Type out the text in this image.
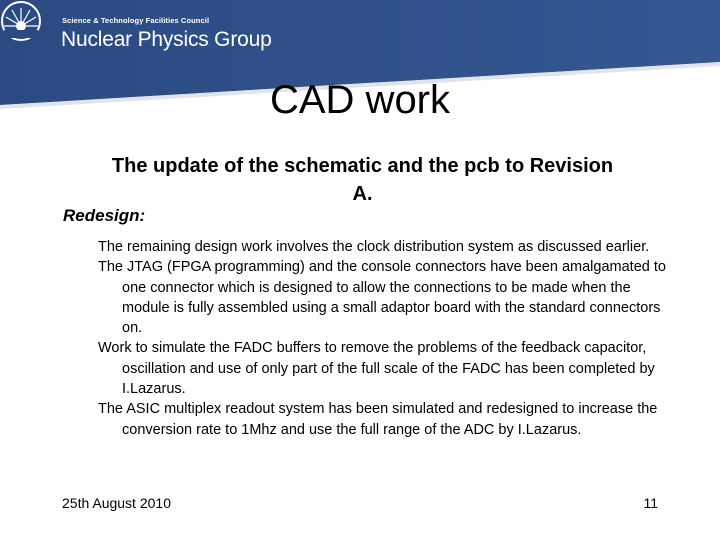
Science & Technology Facilities Council
Nuclear Physics Group
CAD work
The update of the schematic and the pcb to Revision A.
Redesign:
The remaining design work involves the clock distribution system as discussed earlier.
The JTAG (FPGA programming) and the console connectors have been amalgamated to one connector which is designed to allow the connections to be made when the module is fully assembled using a small adaptor board with the standard connectors on.
Work to simulate the FADC buffers to remove the problems of the feedback capacitor, oscillation and use of only part of the full scale of the FADC has been completed by I.Lazarus.
The ASIC multiplex readout system has been simulated and redesigned to increase the conversion rate to 1Mhz and use the full range of the ADC by I.Lazarus.
25th August 2010	11
